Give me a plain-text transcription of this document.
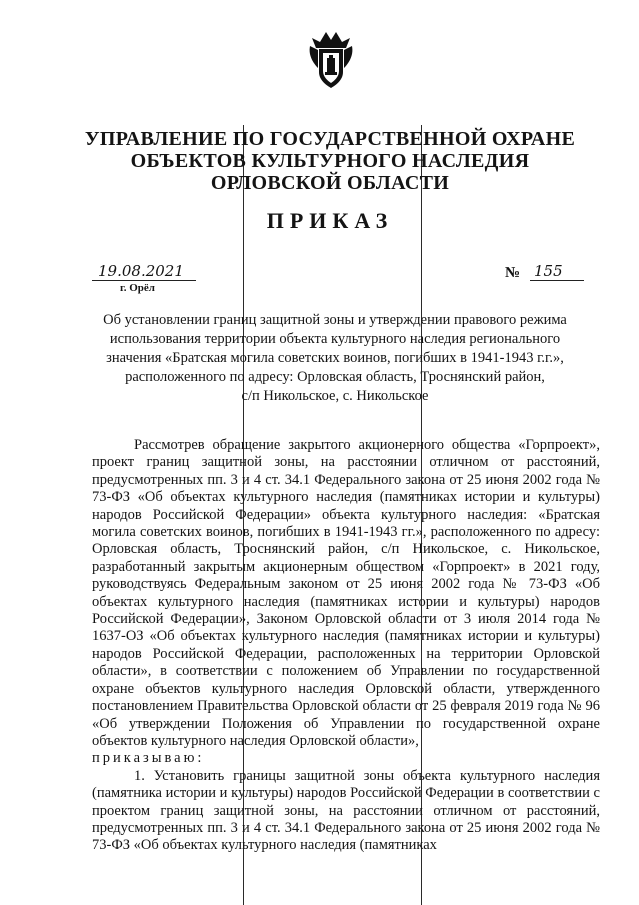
УПРАВЛЕНИЕ ПО ГОСУДАРСТВЕННОЙ ОХРАНЕ
ОБЪЕКТОВ КУЛЬТУРНОГО НАСЛЕДИЯ
ОРЛОВСКОЙ ОБЛАСТИ
ПРИКАЗ
19.08.2021
г. Орёл
№ 155
Об установлении границ защитной зоны и утверждении правового режима
использования территории объекта культурного наследия регионального
значения «Братская могила советских воинов, погибших в 1941-1943 г.г.»,
расположенного по адресу: Орловская область, Троснянский район,
с/п Никольское, с. Никольское

Рассмотрев обращение закрытого акционерного общества «Горпроект», проект границ защитной зоны, на расстоянии отличном от расстояний, предусмотренных пп. 3 и 4 ст. 34.1 Федерального закона от 25 июня 2002 года № 73-ФЗ «Об объектах культурного наследия (памятниках истории и культуры) народов Российской Федерации» объекта культурного наследия: «Братская могила советских воинов, погибших в 1941-1943 гг.», расположенного по адресу: Орловская область, Троснянский район, с/п Никольское, с. Никольское, разработанный закрытым акционерным обществом «Горпроект» в 2021 году, руководствуясь Федеральным законом от 25 июня 2002 года № 73-ФЗ «Об объектах культурного наследия (памятниках истории и культуры) народов Российской Федерации», Законом Орловской области от 3 июля 2014 года № 1637-ОЗ «Об объектах культурного наследия (памятниках истории и культуры) народов Российской Федерации, расположенных на территории Орловской области», в соответствии с положением об Управлении по государственной охране объектов культурного наследия Орловской области, утвержденного постановлением Правительства Орловской области от 25 февраля 2019 года № 96 «Об утверждении Положения об Управлении по государственной охране объектов культурного наследия Орловской области»,

приказываю:

1. Установить границы защитной зоны объекта культурного наследия (памятника истории и культуры) народов Российской Федерации в соответствии с проектом границ защитной зоны, на расстоянии отличном от расстояний, предусмотренных пп. 3 и 4 ст. 34.1 Федерального закона от 25 июня 2002 года № 73-ФЗ «Об объектах культурного наследия (памятниках
